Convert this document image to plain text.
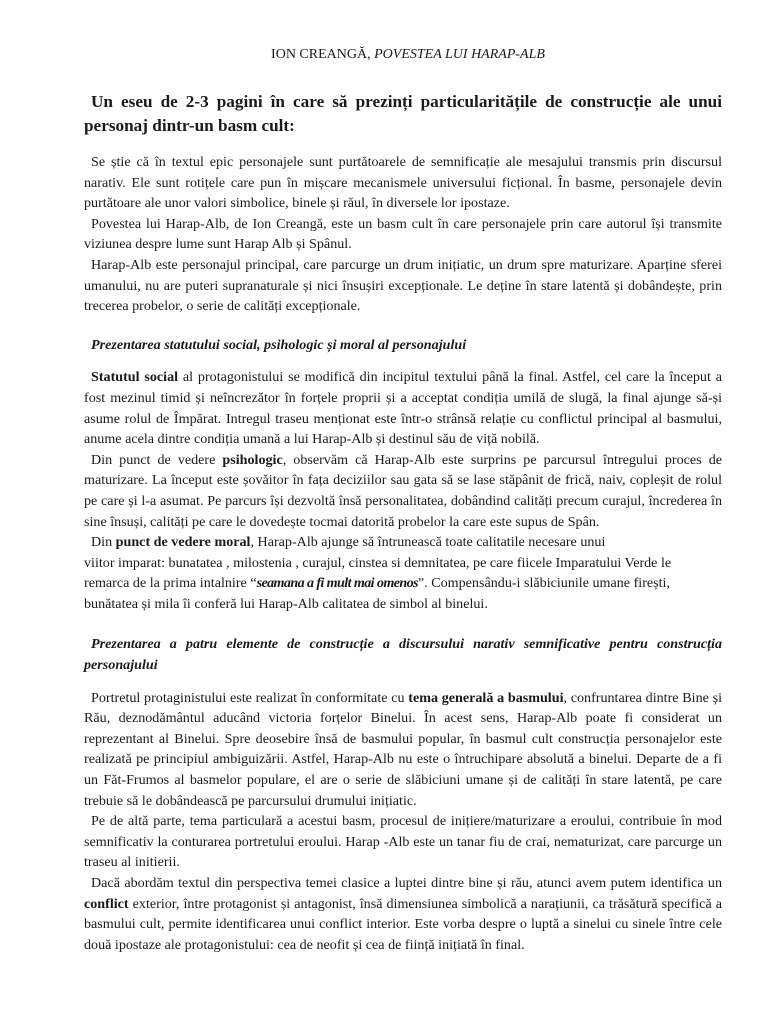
ION CREANGĂ, POVESTEA LUI HARAP-ALB
Un eseu de 2-3 pagini în care să prezinți particularitățile de construcție ale unui personaj dintr-un basm cult:

Se știe că în textul epic personajele sunt purtătoarele de semnificație ale mesajului transmis prin discursul narativ. Ele sunt rotițele care pun în mișcare mecanismele universului ficțional. În basme, personajele devin purtătoare ale unor valori simbolice, binele și răul, în diversele lor ipostaze.

Povestea lui Harap-Alb, de Ion Creangă, este un basm cult în care personajele prin care autorul își transmite viziunea despre lume sunt Harap Alb și Spânul.

Harap-Alb este personajul principal, care parcurge un drum inițiatic, un drum spre maturizare. Aparține sferei umanului, nu are puteri supranaturale și nici însușiri excepționale. Le deține în stare latentă și dobândește, prin trecerea probelor, o serie de calități excepționale.

Prezentarea statutului social, psihologic și moral al personajului

Statutul social al protagonistului se modifică din incipitul textului până la final. Astfel, cel care la început a fost mezinul timid și neîncrezător în forțele proprii și a acceptat condiția umilă de slugă, la final ajunge să-și asume rolul de Împărat. Intregul traseu menționat este într-o strânsă relație cu conflictul principal al basmului, anume acela dintre condiția umană a lui Harap-Alb și destinul său de viță nobilă.

Din punct de vedere psihologic, observăm că Harap-Alb este surprins pe parcursul întregului proces de maturizare. La început este șovăitor în fața deciziilor sau gata să se lase stăpânit de frică, naiv, copleșit de rolul pe care și l-a asumat. Pe parcurs își dezvoltă însă personalitatea, dobândind calități precum curajul, încrederea în sine însuși, calități pe care le dovedește tocmai datorită probelor la care este supus de Spân.

Din punct de vedere moral, Harap-Alb ajunge să întrunească toate calitatile necesare unui
viitor imparat: bunatatea , milostenia , curajul, cinstea si demnitatea, pe care fiicele Imparatului Verde le
remarca de la prima intalnire “seamana a fi mult mai omenos”. Compensându-i slăbiciunile umane firești,
bunătatea și mila îi conferă lui Harap-Alb calitatea de simbol al binelui.

Prezentarea a patru elemente de construcție a discursului narativ semnificative pentru construcția personajului

Portretul protaginistului este realizat în conformitate cu tema generală a basmului, confruntarea dintre Bine și Rău, deznodământul aducând victoria forțelor Binelui. În acest sens, Harap-Alb poate fi considerat un reprezentant al Binelui. Spre deosebire însă de basmului popular, în basmul cult construcția personajelor este realizată pe principiul ambiguizării. Astfel, Harap-Alb nu este o întruchipare absolută a binelui. Departe de a fi un Făt-Frumos al basmelor populare, el are o serie de slăbiciuni umane și de calități în stare latentă, pe care trebuie să le dobândească pe parcursului drumului inițiatic.

Pe de altă parte, tema particulară a acestui basm, procesul de inițiere/maturizare a eroului, contribuie în mod semnificativ la conturarea portretului eroului. Harap -Alb este un tanar fiu de crai, nematurizat, care parcurge un traseu al initierii.

Dacă abordăm textul din perspectiva temei clasice a luptei dintre bine și rău, atunci avem putem identifica un conflict exterior, între protagonist și antagonist, însă dimensiunea simbolică a narațiunii, ca trăsătură specifică a basmului cult, permite identificarea unui conflict interior. Este vorba despre o luptă a sinelui cu sinele între cele două ipostaze ale protagonistului: cea de neofit și cea de ființă inițiată în final.
